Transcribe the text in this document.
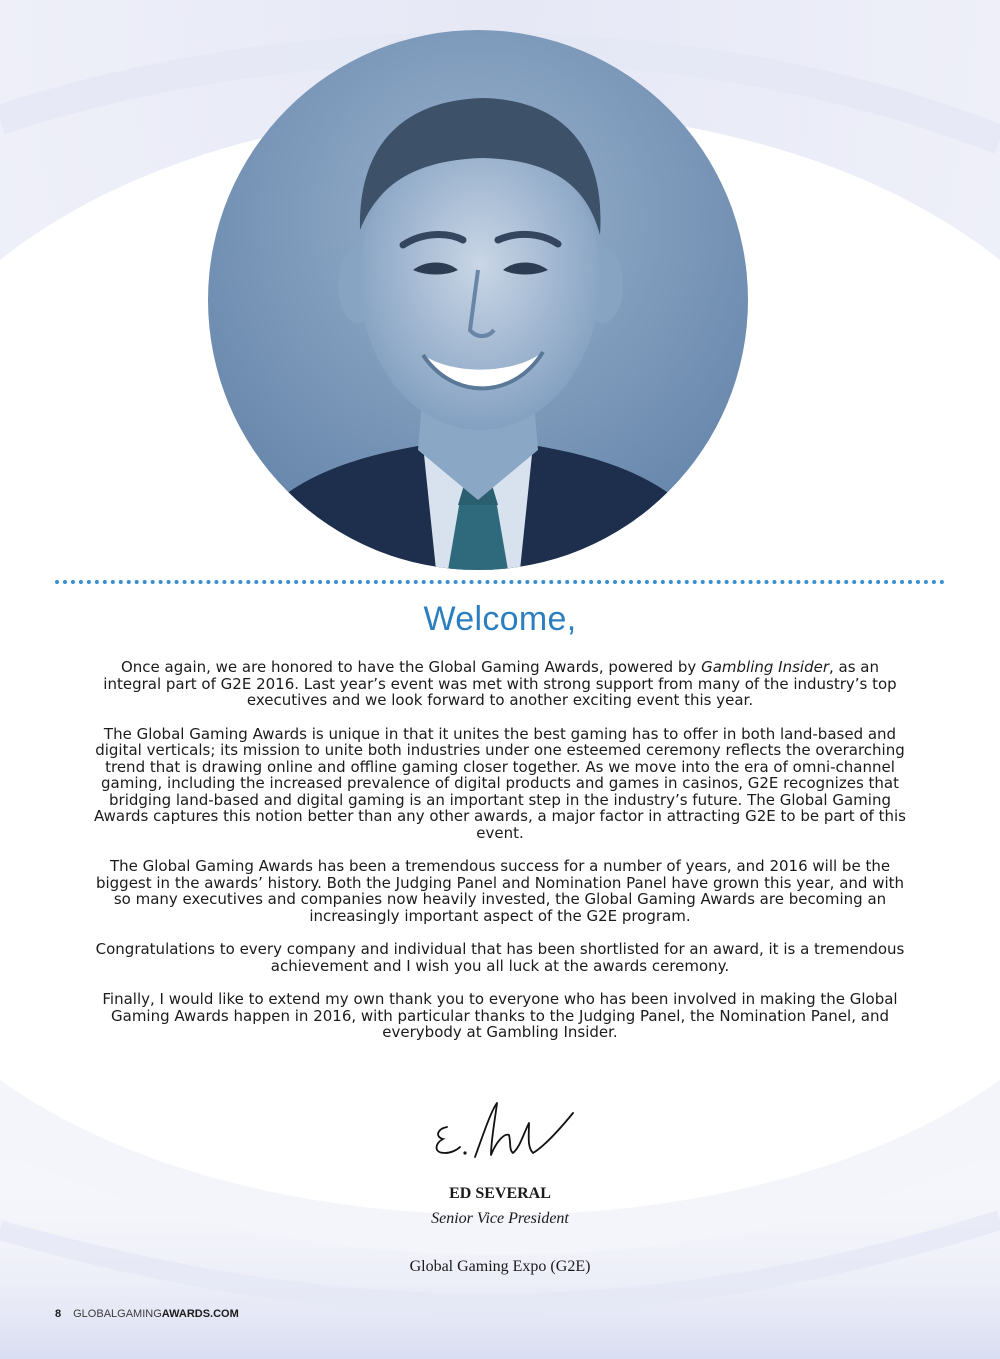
Welcome,

Once again, we are honored to have the Global Gaming Awards, powered by Gambling Insider, as an integral part of G2E 2016. Last year’s event was met with strong support from many of the industry’s top executives and we look forward to another exciting event this year.

The Global Gaming Awards is unique in that it unites the best gaming has to offer in both land-based and digital verticals; its mission to unite both industries under one esteemed ceremony reflects the overarching trend that is drawing online and offline gaming closer together. As we move into the era of omni-channel gaming, including the increased prevalence of digital products and games in casinos, G2E recognizes that bridging land-based and digital gaming is an important step in the industry’s future. The Global Gaming Awards captures this notion better than any other awards, a major factor in attracting G2E to be part of this event.

The Global Gaming Awards has been a tremendous success for a number of years, and 2016 will be the biggest in the awards’ history. Both the Judging Panel and Nomination Panel have grown this year, and with so many executives and companies now heavily invested, the Global Gaming Awards are becoming an increasingly important aspect of the G2E program.

Congratulations to every company and individual that has been shortlisted for an award, it is a tremendous achievement and I wish you all luck at the awards ceremony.

Finally, I would like to extend my own thank you to everyone who has been involved in making the Global Gaming Awards happen in 2016, with particular thanks to the Judging Panel, the Nomination Panel, and everybody at Gambling Insider.

ED SEVERAL
Senior Vice President
Global Gaming Expo (G2E)
8 GLOBALGAMINGAWARDS.COM
